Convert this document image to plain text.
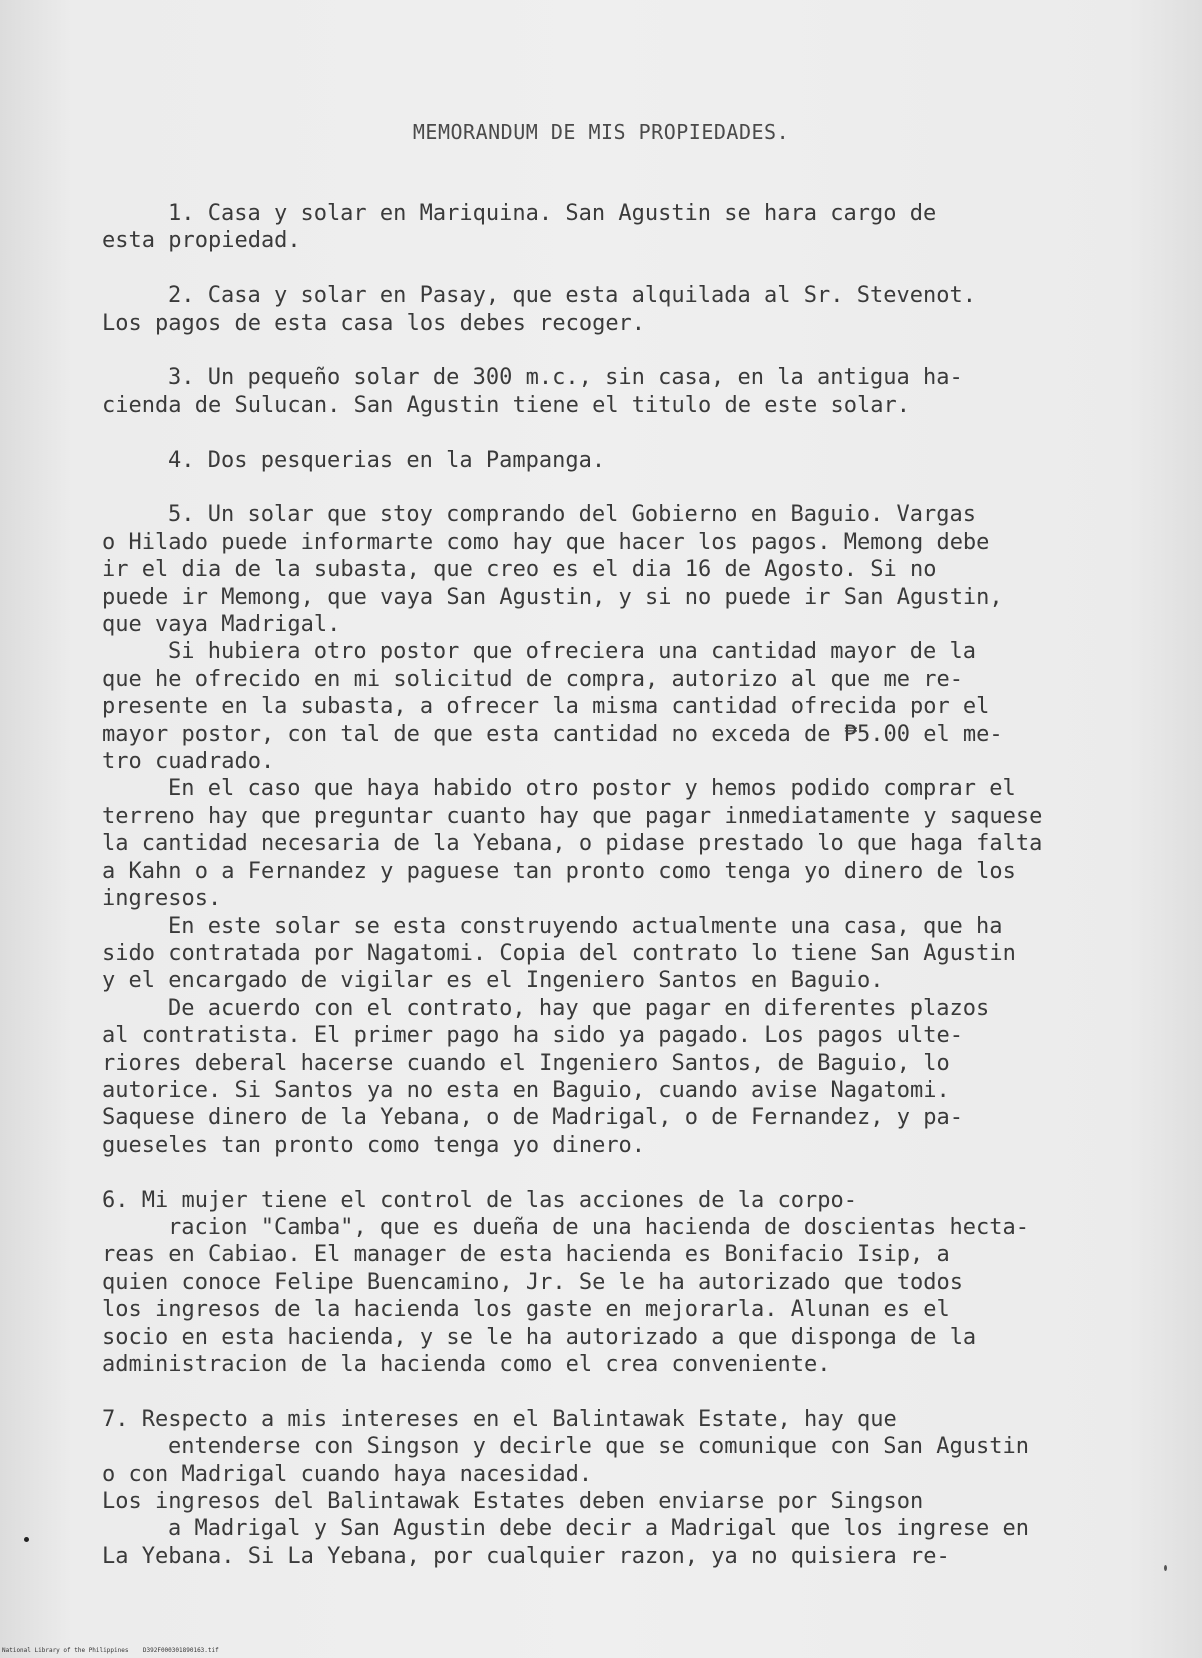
MEMORANDUM DE MIS PROPIEDADES.
1. Casa y solar en Mariquina. San Agustin se hara cargo de
esta propiedad.
2. Casa y solar en Pasay, que esta alquilada al Sr. Stevenot.
Los pagos de esta casa los debes recoger.
3. Un pequeño solar de 300 m.c., sin casa, en la antigua ha-
cienda de Sulucan. San Agustin tiene el titulo de este solar.
4. Dos pesquerias en la Pampanga.
5. Un solar que stoy comprando del Gobierno en Baguio. Vargas
o Hilado puede informarte como hay que hacer los pagos. Memong debe
ir el dia de la subasta, que creo es el dia 16 de Agosto. Si no
puede ir Memong, que vaya San Agustin, y si no puede ir San Agustin,
que vaya Madrigal.
Si hubiera otro postor que ofreciera una cantidad mayor de la
que he ofrecido en mi solicitud de compra, autorizo al que me re-
presente en la subasta, a ofrecer la misma cantidad ofrecida por el
mayor postor, con tal de que esta cantidad no exceda de ₱5.00 el me-
tro cuadrado.
En el caso que haya habido otro postor y hemos podido comprar el
terreno hay que preguntar cuanto hay que pagar inmediatamente y saquese
la cantidad necesaria de la Yebana, o pidase prestado lo que haga falta
a Kahn o a Fernandez y paguese tan pronto como tenga yo dinero de los
ingresos.
En este solar se esta construyendo actualmente una casa, que ha
sido contratada por Nagatomi. Copia del contrato lo tiene San Agustin
y el encargado de vigilar es el Ingeniero Santos en Baguio.
De acuerdo con el contrato, hay que pagar en diferentes plazos
al contratista. El primer pago ha sido ya pagado. Los pagos ulte-
riores deberal hacerse cuando el Ingeniero Santos, de Baguio, lo
autorice. Si Santos ya no esta en Baguio, cuando avise Nagatomi.
Saquese dinero de la Yebana, o de Madrigal, o de Fernandez, y pa-
gueseles tan pronto como tenga yo dinero.
6. Mi mujer tiene el control de las acciones de la corpo-
racion "Camba", que es dueña de una hacienda de doscientas hecta-
reas en Cabiao. El manager de esta hacienda es Bonifacio Isip, a
quien conoce Felipe Buencamino, Jr. Se le ha autorizado que todos
los ingresos de la hacienda los gaste en mejorarla. Alunan es el
socio en esta hacienda, y se le ha autorizado a que disponga de la
administracion de la hacienda como el crea conveniente.
7. Respecto a mis intereses en el Balintawak Estate, hay que
entenderse con Singson y decirle que se comunique con San Agustin
o con Madrigal cuando haya nacesidad.
Los ingresos del Balintawak Estates deben enviarse por Singson
a Madrigal y San Agustin debe decir a Madrigal que los ingrese en
La Yebana. Si La Yebana, por cualquier razon, ya no quisiera re-
National Library of the Philippines    D392F000301890163.tif
